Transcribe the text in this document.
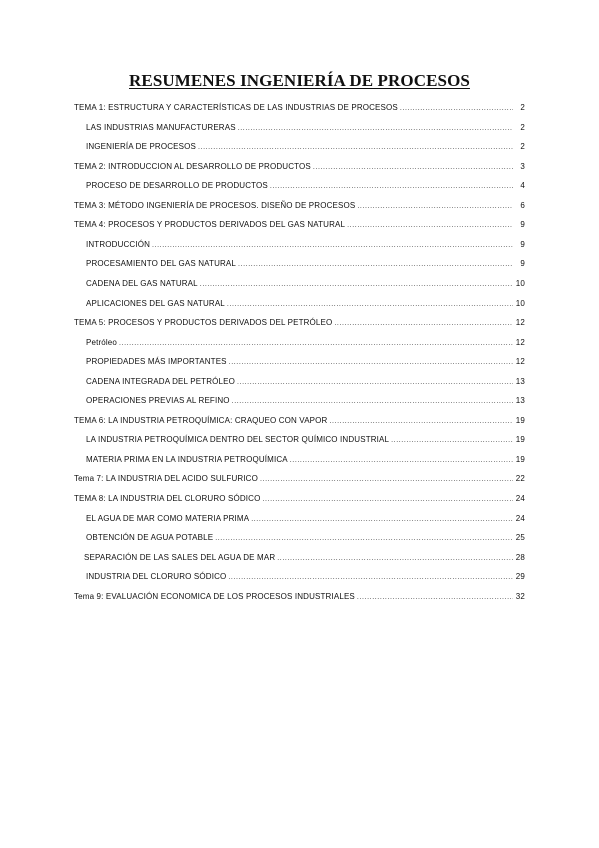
RESUMENES INGENIERÍA DE PROCESOS
TEMA 1: ESTRUCTURA Y CARACTERÍSTICAS DE LAS INDUSTRIAS DE PROCESOS .....	2
LAS INDUSTRIAS MANUFACTURERAS .....	2
INGENIERÍA DE PROCESOS .....	2
TEMA 2: INTRODUCCION AL DESARROLLO DE PRODUCTOS .....	3
PROCESO DE DESARROLLO DE PRODUCTOS .....	4
TEMA 3: MÉTODO INGENIERÍA DE PROCESOS. DISEÑO DE PROCESOS .....	6
TEMA 4: PROCESOS Y PRODUCTOS DERIVADOS DEL GAS NATURAL .....	9
INTRODUCCIÓN .....	9
PROCESAMIENTO DEL GAS NATURAL .....	9
CADENA DEL GAS NATURAL .....	10
APLICACIONES DEL GAS NATURAL .....	10
TEMA 5: PROCESOS Y PRODUCTOS DERIVADOS DEL PETRÓLEO .....	12
Petróleo .....	12
PROPIEDADES MÁS IMPORTANTES .....	12
CADENA INTEGRADA DEL PETRÓLEO .....	13
OPERACIONES PREVIAS AL REFINO .....	13
TEMA 6: LA INDUSTRIA PETROQUÍMICA: CRAQUEO CON VAPOR .....	19
LA INDUSTRIA PETROQUÍMICA DENTRO DEL SECTOR QUÍMICO INDUSTRIAL .....	19
MATERIA PRIMA EN LA INDUSTRIA PETROQUÍMICA .....	19
Tema 7: LA INDUSTRIA DEL ACIDO SULFURICO .....	22
TEMA 8: LA INDUSTRIA DEL CLORURO SÓDICO .....	24
EL AGUA DE MAR COMO MATERIA PRIMA .....	24
OBTENCIÓN DE AGUA POTABLE .....	25
SEPARACIÓN DE LAS SALES DEL AGUA DE MAR .....	28
INDUSTRIA DEL CLORURO SÓDICO .....	29
Tema 9: EVALUACIÓN ECONOMICA DE LOS PROCESOS INDUSTRIALES .....	32
